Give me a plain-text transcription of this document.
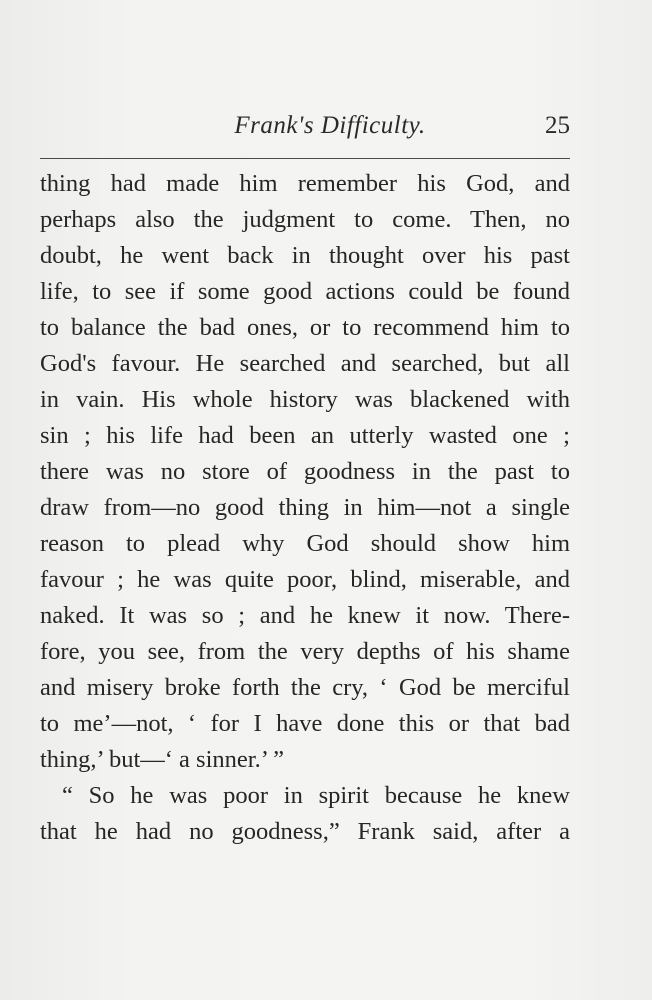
Frank's Difficulty.	25
thing had made him remember his God, and
perhaps also the judgment to come. Then, no
doubt, he went back in thought over his past
life, to see if some good actions could be found
to balance the bad ones, or to recommend him to
God's favour. He searched and searched, but all
in vain. His whole history was blackened with
sin ; his life had been an utterly wasted one ;
there was no store of goodness in the past to
draw from—no good thing in him—not a single
reason to plead why God should show him
favour ; he was quite poor, blind, miserable, and
naked. It was so ; and he knew it now. There-
fore, you see, from the very depths of his shame
and misery broke forth the cry, ‘ God be merciful
to me’—not, ‘ for I have done this or that bad
thing,’ but—‘ a sinner.’ ”
“ So he was poor in spirit because he knew
that he had no goodness,” Frank said, after a
